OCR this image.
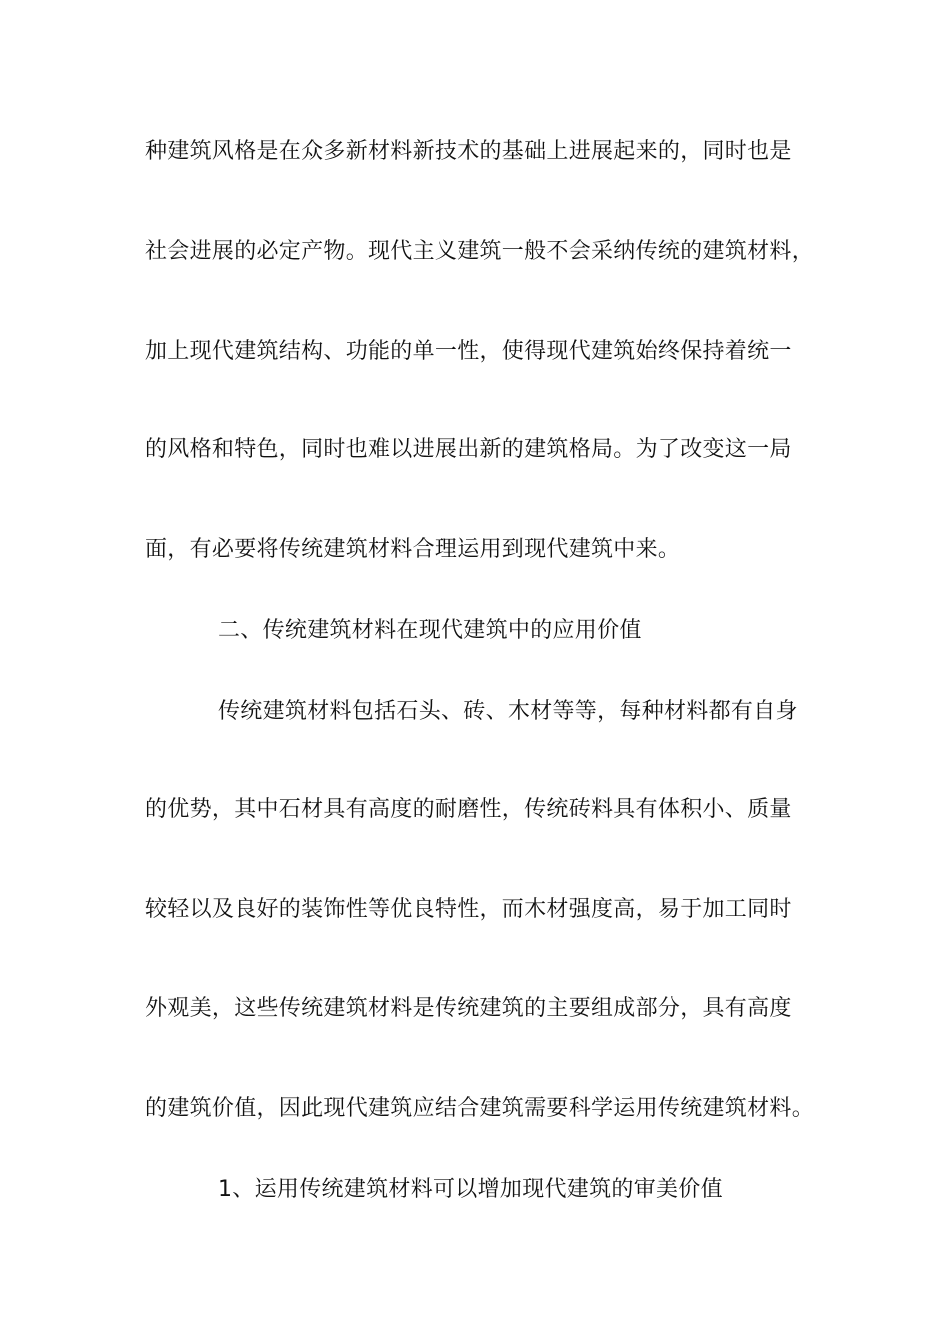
种建筑风格是在众多新材料新技术的基础上进展起来的，同时也是
社会进展的必定产物。现代主义建筑一般不会采纳传统的建筑材料，
加上现代建筑结构、功能的单一性，使得现代建筑始终保持着统一
的风格和特色，同时也难以进展出新的建筑格局。为了改变这一局
面，有必要将传统建筑材料合理运用到现代建筑中来。
二、传统建筑材料在现代建筑中的应用价值
传统建筑材料包括石头、砖、木材等等，每种材料都有自身
的优势，其中石材具有高度的耐磨性，传统砖料具有体积小、质量
较轻以及良好的装饰性等优良特性，而木材强度高，易于加工同时
外观美，这些传统建筑材料是传统建筑的主要组成部分，具有高度
的建筑价值，因此现代建筑应结合建筑需要科学运用传统建筑材料。
1、运用传统建筑材料可以增加现代建筑的审美价值
